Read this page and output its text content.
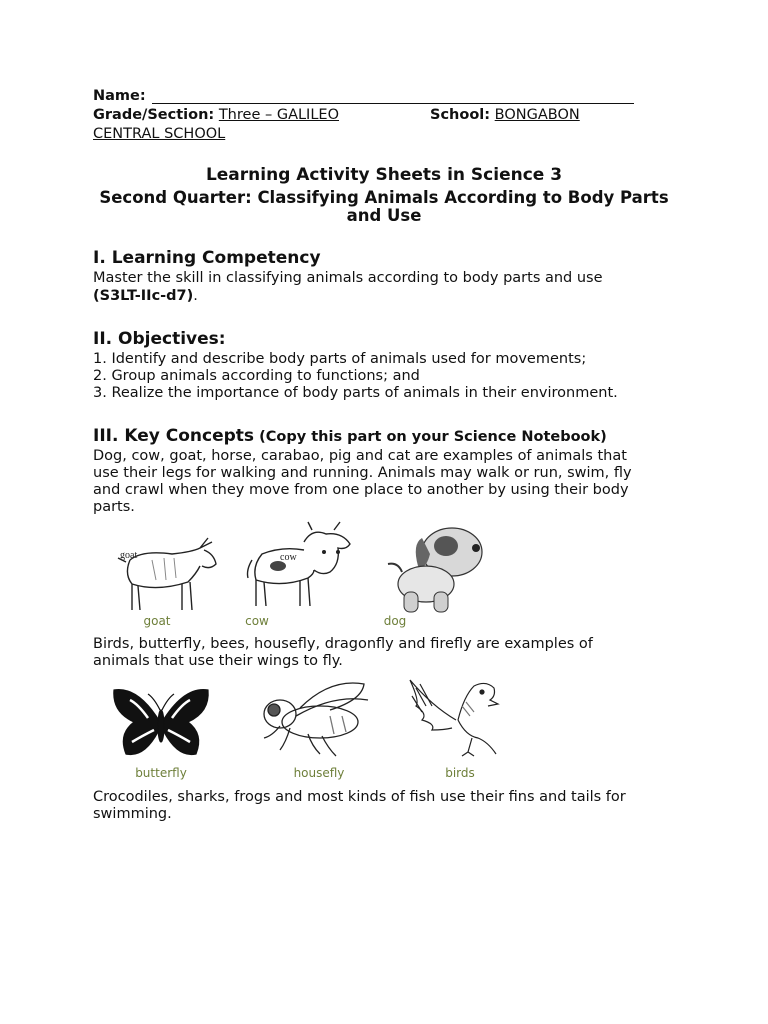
Name:
Grade/Section: Three – GALILEO	School: BONGABON
CENTRAL SCHOOL
Learning Activity Sheets in Science 3
Second Quarter: Classifying Animals According to Body Parts
and Use
I. Learning Competency
Master the skill in classifying animals according to body parts and use
(S3LT-IIc-d7).
II. Objectives:
1. Identify and describe body parts of animals used for movements;
2. Group animals according to functions; and
3. Realize the importance of body parts of animals in their environment.
III. Key Concepts (Copy this part on your Science Notebook)
Dog, cow, goat, horse, carabao, pig and cat are examples of animals that
use their legs for walking and running. Animals may walk or run, swim, fly
and crawl when they move from one place to another by using their body
parts.
goat
goat
cow
cow	dog
Birds, butterfly, bees, housefly, dragonfly and firefly are examples of
animals that use their wings to fly.
butterfly	housefly	birds
Crocodiles, sharks, frogs and most kinds of fish use their fins and tails for
swimming.
